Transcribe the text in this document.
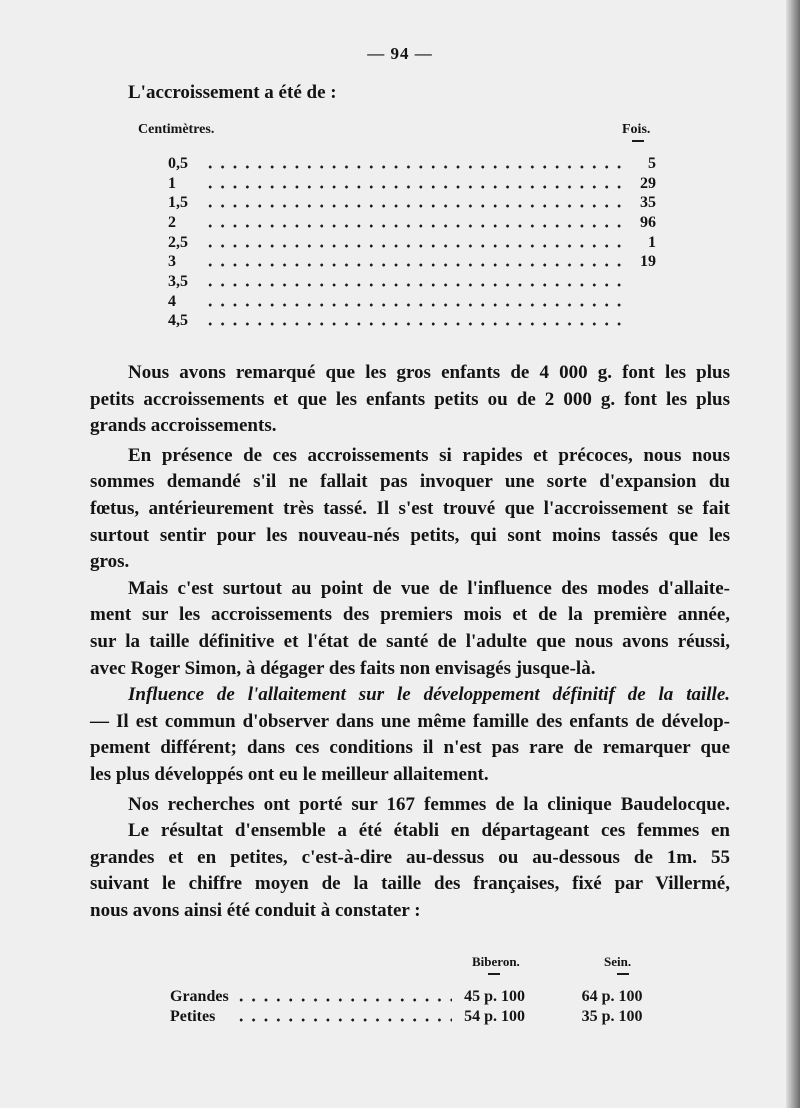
— 94 —
L'accroissement a été de :
Centimètres.	Fois.
0,5	5
1	29
1,5	35
2	96
2,5	1
3	19
3,5
4
4,5
Nous avons remarqué que les gros enfants de 4 000 g. font les plus
petits accroissements et que les enfants petits ou de 2 000 g. font les plus
grands accroissements.
En présence de ces accroissements si rapides et précoces, nous nous
sommes demandé s'il ne fallait pas invoquer une sorte d'expansion du
fœtus, antérieurement très tassé. Il s'est trouvé que l'accroissement se fait
surtout sentir pour les nouveau-nés petits, qui sont moins tassés que les
gros.
Mais c'est surtout au point de vue de l'influence des modes d'allaite-
ment sur les accroissements des premiers mois et de la première année,
sur la taille définitive et l'état de santé de l'adulte que nous avons réussi,
avec Roger Simon, à dégager des faits non envisagés jusque-là.
Influence de l'allaitement sur le développement définitif de la taille.
— Il est commun d'observer dans une même famille des enfants de dévelop-
pement différent; dans ces conditions il n'est pas rare de remarquer que
les plus développés ont eu le meilleur allaitement.
Nos recherches ont porté sur 167 femmes de la clinique Baudelocque.
Le résultat d'ensemble a été établi en départageant ces femmes en
grandes et en petites, c'est-à-dire au-dessus ou au-dessous de 1m. 55
suivant le chiffre moyen de la taille des françaises, fixé par Villermé,
nous avons ainsi été conduit à constater :
Biberon.	Sein.
Grandes	45 p. 100	64 p. 100
Petites	54 p. 100	35 p. 100
